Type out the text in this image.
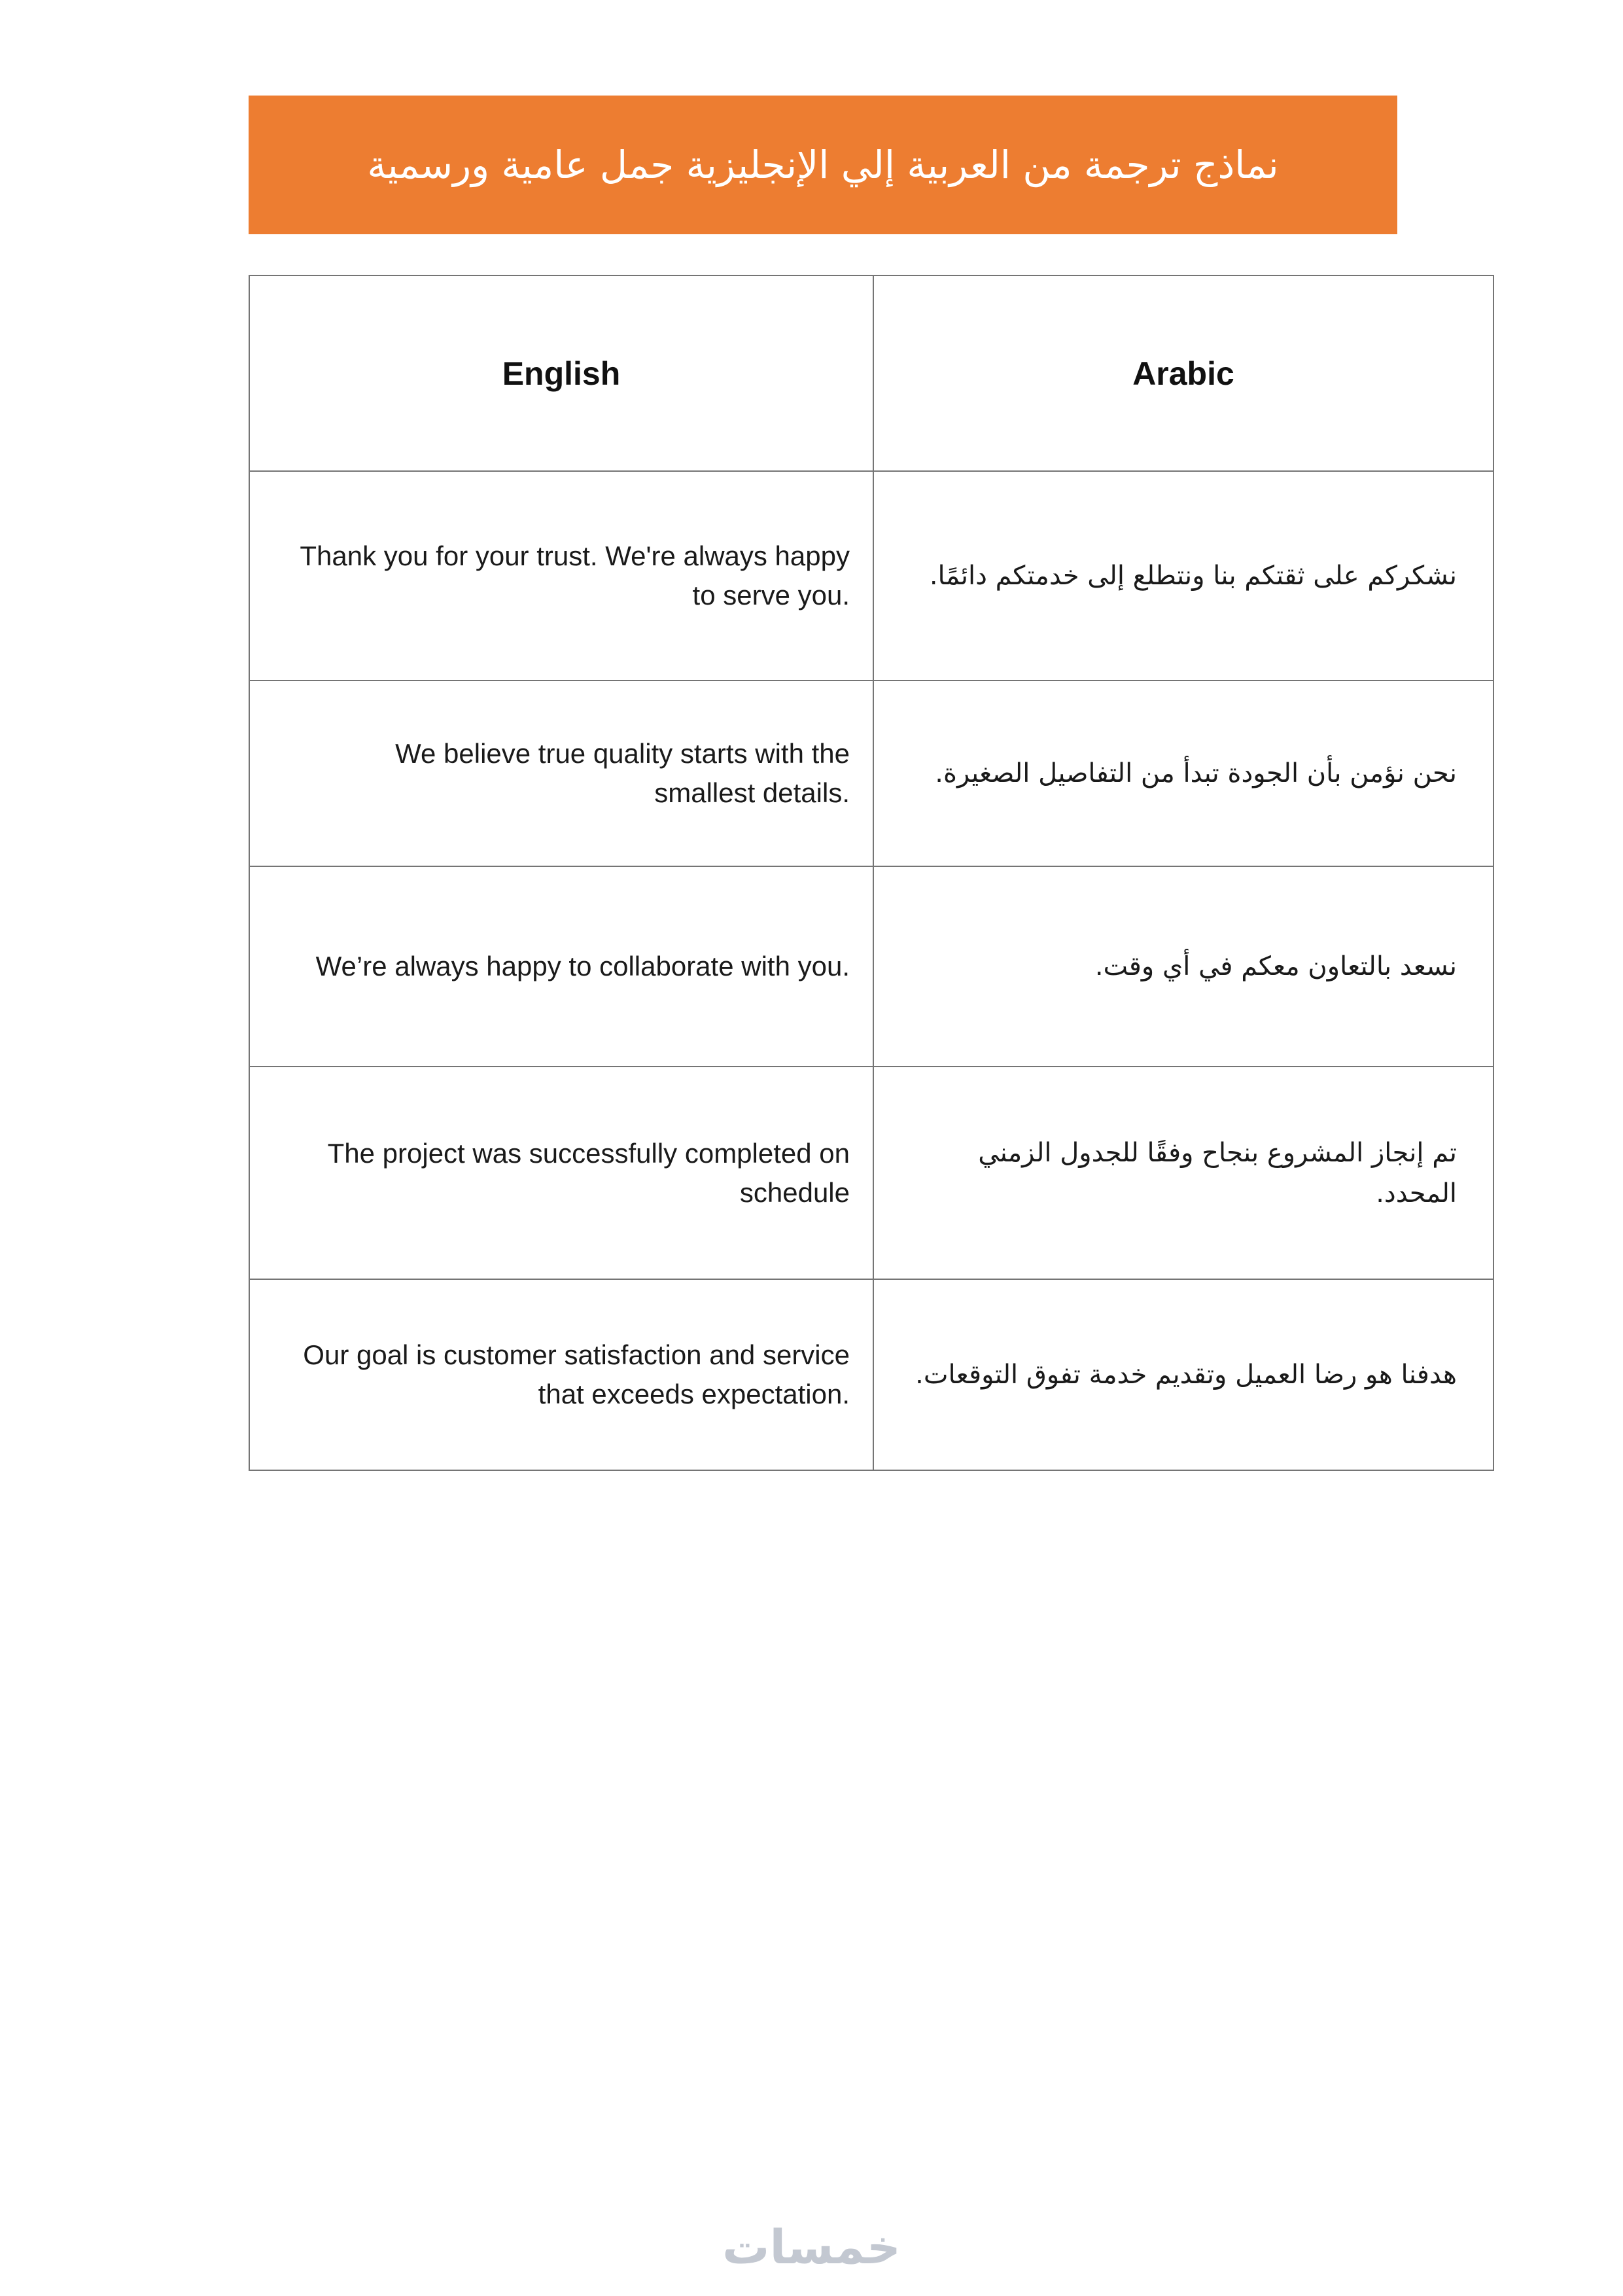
نماذج ترجمة من العربية إلي الإنجليزية جمل عامية ورسمية
English	Arabic
Thank you for your trust. We're always happy to serve you.	نشكركم على ثقتكم بنا ونتطلع إلى خدمتكم دائمًا.
We believe true quality starts with the smallest details.	نحن نؤمن بأن الجودة تبدأ من التفاصيل الصغيرة.
We’re always happy to collaborate with you.	نسعد بالتعاون معكم في أي وقت.
The project was successfully completed on schedule	تم إنجاز المشروع بنجاح وفقًا للجدول الزمني المحدد.
Our goal is customer satisfaction and service that exceeds expectation.	هدفنا هو رضا العميل وتقديم خدمة تفوق التوقعات.
خمسات
